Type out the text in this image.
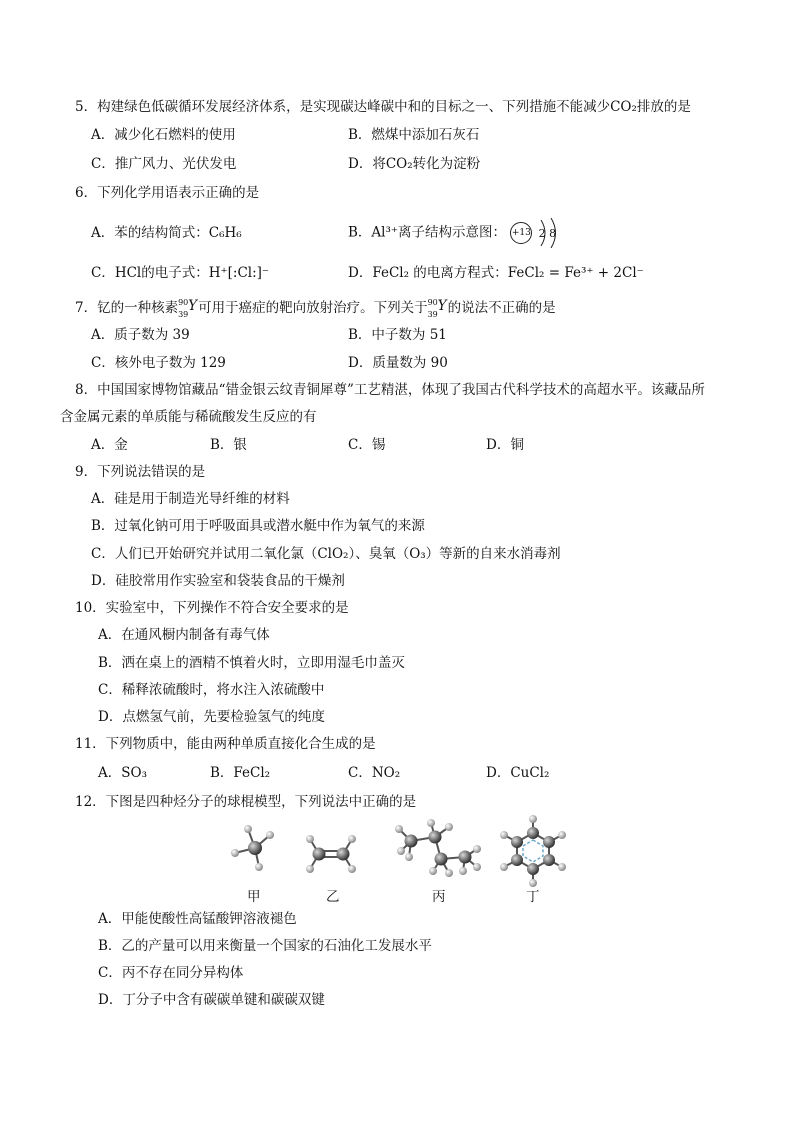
5．构建绿色低碳循环发展经济体系，是实现碳达峰碳中和的目标之一、下列措施不能减少CO₂排放的是
A．减少化石燃料的使用	B．燃煤中添加石灰石
C．推广风力、光伏发电	D．将CO₂转化为淀粉
6．下列化学用语表示正确的是
A．苯的结构简式：C₆H₆	B．Al³⁺离子结构示意图： +13 2 8
C．HCl的电子式：H⁺[:Cl:]⁻	D．FeCl₂ 的电离方程式：FeCl₂ = Fe³⁺ + 2Cl⁻
7．钇的一种核素 90
39
Y 可用于癌症的靶向放射治疗。下列关于 90
39
Y 的说法不正确的是
A．质子数为 39	B．中子数为 51
C．核外电子数为 129	D．质量数为 90
8．中国国家博物馆藏品“错金银云纹青铜犀尊”工艺精湛，体现了我国古代科学技术的高超水平。该藏品所
含金属元素的单质能与稀硫酸发生反应的有
A．金	B．银	C．锡	D．铜
9．下列说法错误的是
A．硅是用于制造光导纤维的材料
B．过氧化钠可用于呼吸面具或潜水艇中作为氧气的来源
C．人们已开始研究并试用二氧化氯（ClO₂）、臭氧（O₃）等新的自来水消毒剂
D．硅胶常用作实验室和袋装食品的干燥剂
10．实验室中，下列操作不符合安全要求的是
A．在通风橱内制备有毒气体
B．洒在桌上的酒精不慎着火时，立即用湿毛巾盖灭
C．稀释浓硫酸时，将水注入浓硫酸中
D．点燃氢气前，先要检验氢气的纯度
11．下列物质中，能由两种单质直接化合生成的是
A．SO₃	B．FeCl₂	C．NO₂	D．CuCl₂
12．下图是四种烃分子的球棍模型，下列说法中正确的是
甲	乙	丙	丁
A．甲能使酸性高锰酸钾溶液褪色
B．乙的产量可以用来衡量一个国家的石油化工发展水平
C．丙不存在同分异构体
D．丁分子中含有碳碳单键和碳碳双键
